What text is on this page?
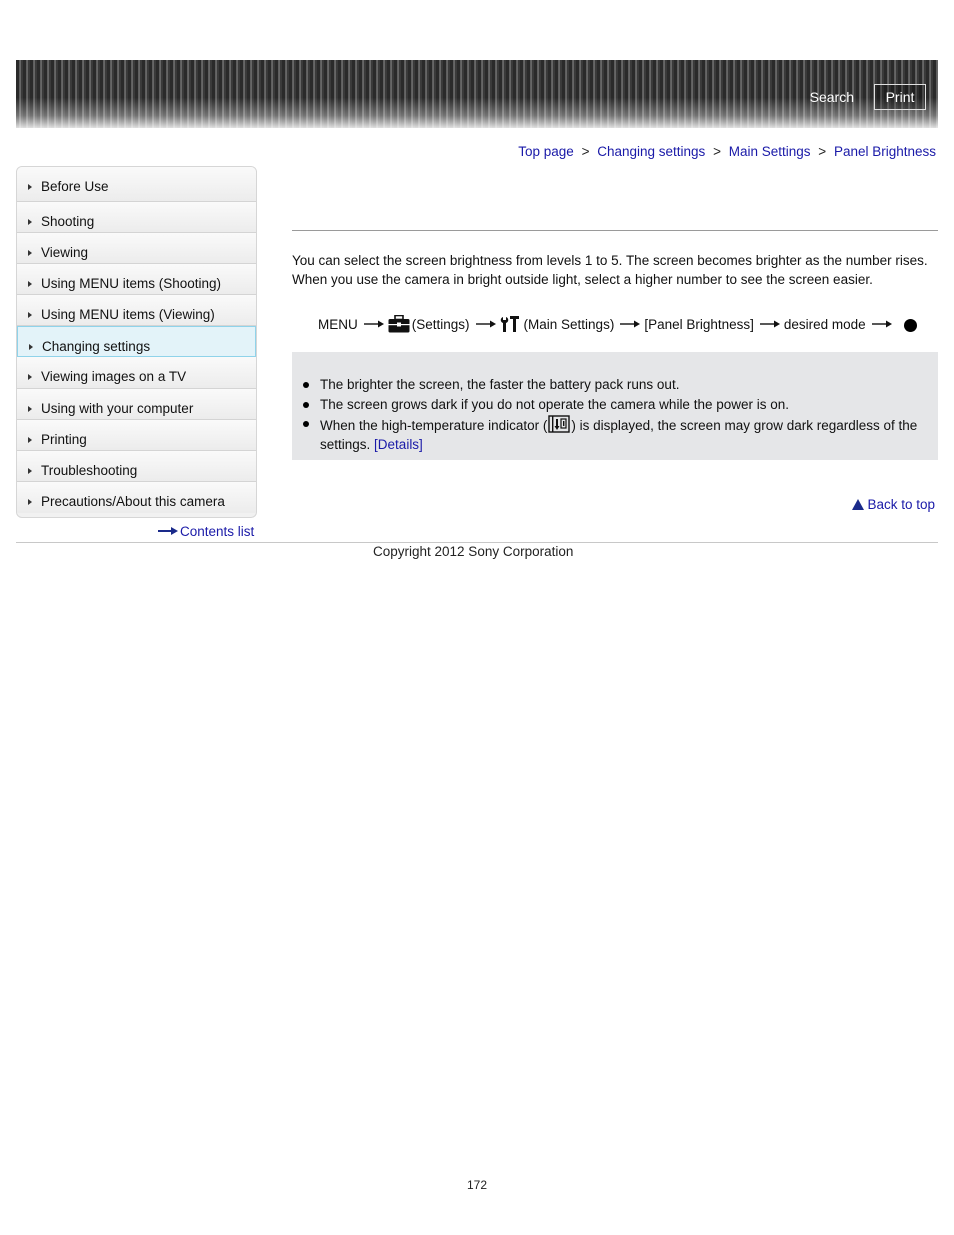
Search	Print
Top page > Changing settings > Main Settings > Panel Brightness
Before Use
Shooting
Viewing
Using MENU items (Shooting)
Using MENU items (Viewing)
Changing settings
Viewing images on a TV
Using with your computer
Printing
Troubleshooting
Precautions/About this camera
Contents list

You can select the screen brightness from levels 1 to 5. The screen becomes brighter as the number rises.

When you use the camera in bright outside light, select a higher number to see the screen easier.

MENU	(Settings)	(Main Settings) [Panel Brightness] desired mode
The brighter the screen, the faster the battery pack runs out.
The screen grows dark if you do not operate the camera while the power is on.
When the high-temperature indicator ( ) is displayed, the screen may grow dark regardless of the settings. [Details]
Back to top
Copyright 2012 Sony Corporation
172
